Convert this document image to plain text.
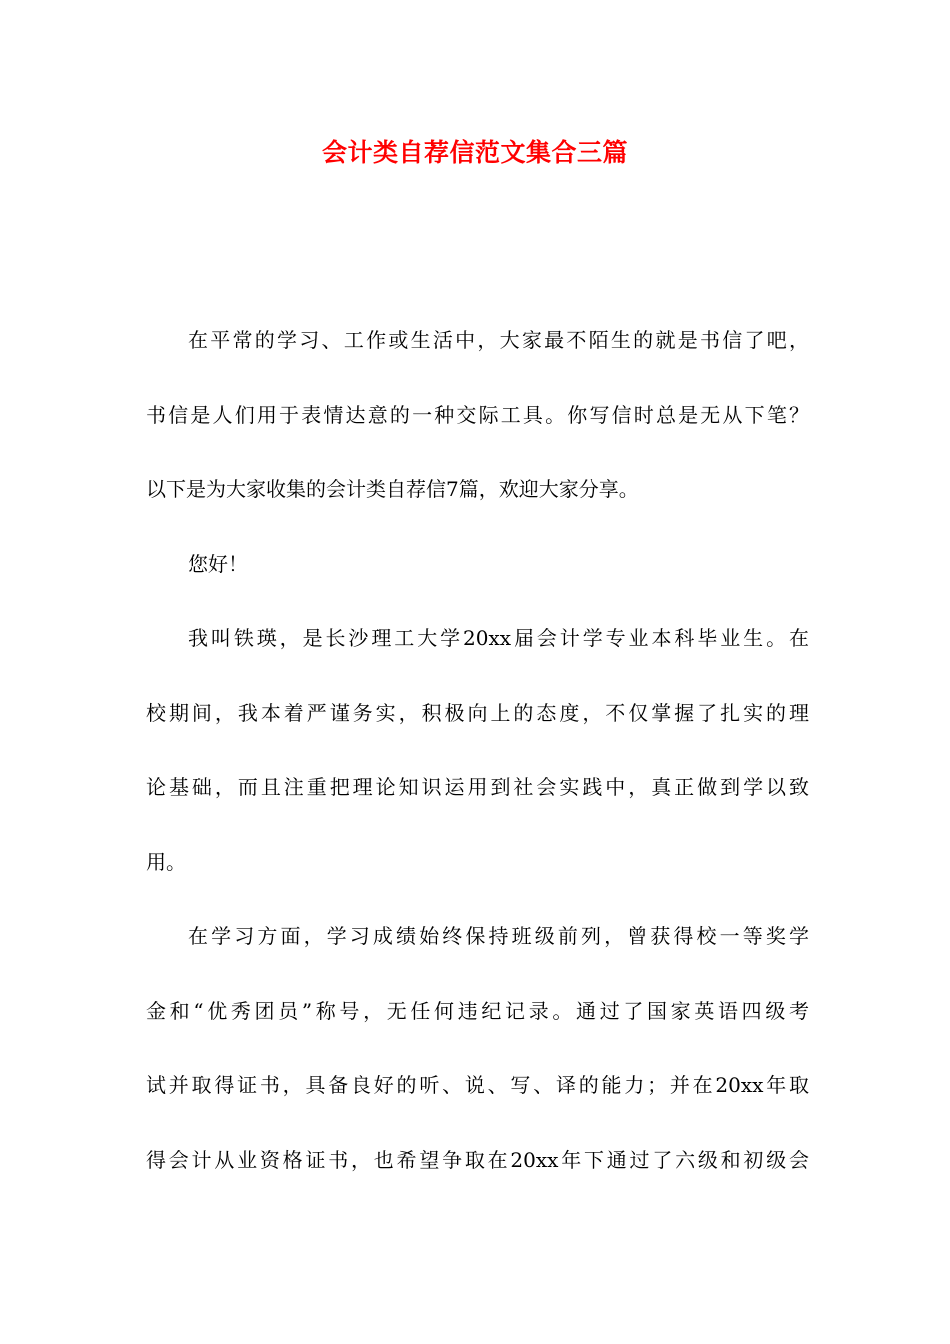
会计类自荐信范文集合三篇
在平常的学习、工作或生活中，大家最不陌生的就是书信了吧，
书信是人们用于表情达意的一种交际工具。你写信时总是无从下笔？
以下是为大家收集的会计类自荐信7篇，欢迎大家分享。
您好！
我叫铁瑛，是长沙理工大学20xx届会计学专业本科毕业生。在
校期间，我本着严谨务实，积极向上的态度，不仅掌握了扎实的理
论基础，而且注重把理论知识运用到社会实践中，真正做到学以致
用。
在学习方面，学习成绩始终保持班级前列，曾获得校一等奖学
金和“优秀团员”称号，无任何违纪记录。通过了国家英语四级考
试并取得证书，具备良好的听、说、写、译的能力；并在20xx年取
得会计从业资格证书，也希望争取在20xx年下通过了六级和初级会
